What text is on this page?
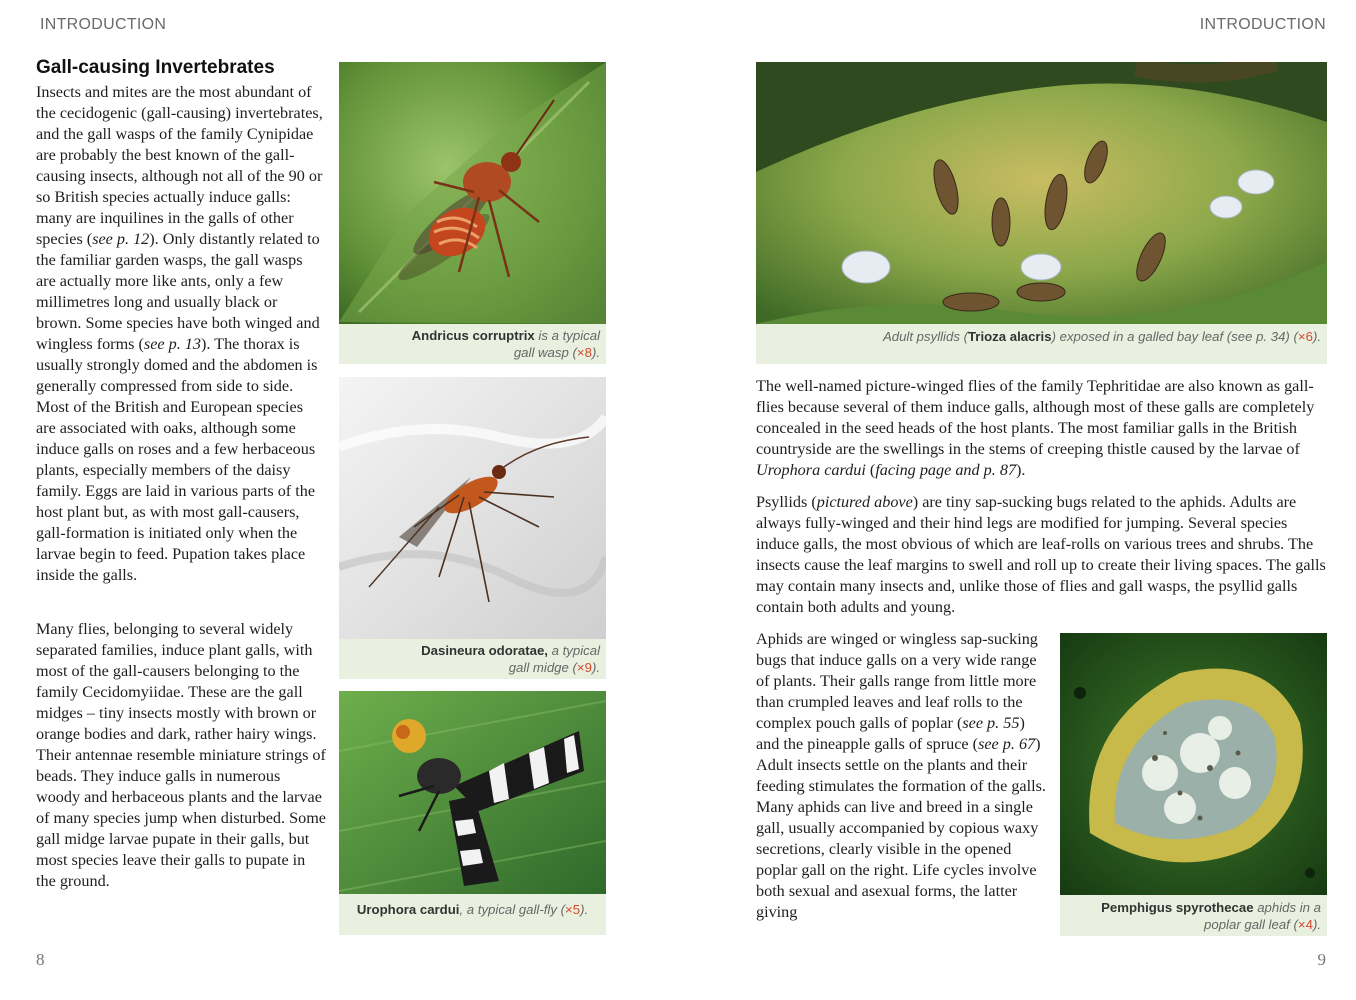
INTRODUCTION
Gall-causing Invertebrates

Insects and mites are the most abundant of the cecidogenic (gall-causing) invertebrates, and the gall wasps of the family Cynipidae are probably the best known of the gall-causing insects, although not all of the 90 or so British species actually induce galls: many are inquilines in the galls of other species (see p. 12). Only distantly related to the familiar garden wasps, the gall wasps are actually more like ants, only a few millimetres long and usually black or brown. Some species have both winged and wingless forms (see p. 13). The thorax is usually strongly domed and the abdomen is generally compressed from side to side. Most of the British and European species are associated with oaks, although some induce galls on roses and a few herbaceous plants, especially members of the daisy family. Eggs are laid in various parts of the host plant but, as with most gall-causers, gall-formation is initiated only when the larvae begin to feed. Pupation takes place inside the galls.

Many flies, belonging to several widely separated families, induce plant galls, with most of the gall-causers belonging to the family Cecidomyiidae. These are the gall midges – tiny insects mostly with brown or orange bodies and dark, rather hairy wings. Their antennae resemble miniature strings of beads. They induce galls in numerous woody and herbaceous plants and the larvae of many species jump when disturbed. Some gall midge larvae pupate in their galls, but most species leave their galls to pupate in the ground.

Andricus corruptrix is a typical
gall wasp (×8).
Dasineura odoratae, a typical
gall midge (×9).
Urophora cardui, a typical gall-fly (×5).
8
INTRODUCTION
Adult psyllids (Trioza alacris) exposed in a galled bay leaf (see p. 34) (×6).

The well-named picture-winged flies of the family Tephritidae are also known as gall-flies because several of them induce galls, although most of these galls are completely concealed in the seed heads of the host plants. The most familiar galls in the British countryside are the swellings in the stems of creeping thistle caused by the larvae of Urophora cardui (facing page and p. 87).

Psyllids (pictured above) are tiny sap-sucking bugs related to the aphids. Adults are always fully-winged and their hind legs are modified for jumping. Several species induce galls, the most obvious of which are leaf-rolls on various trees and shrubs. The insects cause the leaf margins to swell and roll up to create their living spaces. The galls may contain many insects and, unlike those of flies and gall wasps, the psyllid galls contain both adults and young.

Aphids are winged or wingless sap-sucking bugs that induce galls on a very wide range of plants. Their galls range from little more than crumpled leaves and leaf rolls to the complex pouch galls of poplar (see p. 55) and the pineapple galls of spruce (see p. 67) Adult insects settle on the plants and their feeding stimulates the formation of the galls. Many aphids can live and breed in a single gall, usually accompanied by copious waxy secretions, clearly visible in the opened poplar gall on the right. Life cycles involve both sexual and asexual forms, the latter giving	Pemphigus spyrothecae aphids in a
poplar gall leaf (×4).
9
